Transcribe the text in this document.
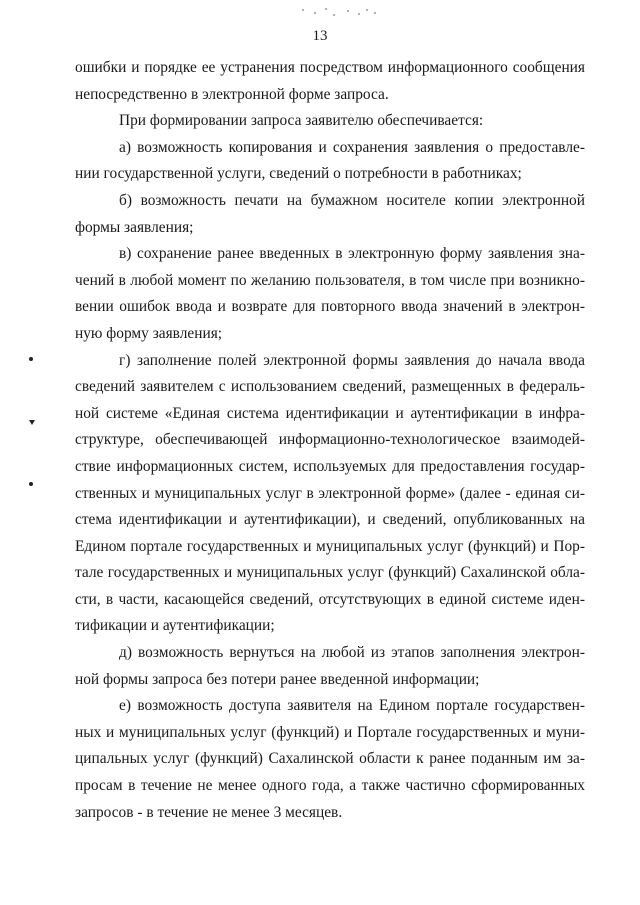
13
ошибки и порядке ее устранения посредством информационного сообщения
непосредственно в электронной форме запроса.
При формировании запроса заявителю обеспечивается:
а) возможность копирования и сохранения заявления о предоставле-
нии государственной услуги, сведений о потребности в работниках;
б) возможность печати на бумажном носителе копии электронной
формы заявления;
в) сохранение ранее введенных в электронную форму заявления зна-
чений в любой момент по желанию пользователя, в том числе при возникно-
вении ошибок ввода и возврате для повторного ввода значений в электрон-
ную форму заявления;
г) заполнение полей электронной формы заявления до начала ввода
сведений заявителем с использованием сведений, размещенных в федераль-
ной системе «Единая система идентификации и аутентификации в инфра-
структуре, обеспечивающей информационно-технологическое взаимодей-
ствие информационных систем, используемых для предоставления государ-
ственных и муниципальных услуг в электронной форме» (далее - единая си-
стема идентификации и аутентификации), и сведений, опубликованных на
Едином портале государственных и муниципальных услуг (функций) и Пор-
тале государственных и муниципальных услуг (функций) Сахалинской обла-
сти, в части, касающейся сведений, отсутствующих в единой системе иден-
тификации и аутентификации;
д) возможность вернуться на любой из этапов заполнения электрон-
ной формы запроса без потери ранее введенной информации;
е) возможность доступа заявителя на Едином портале государствен-
ных и муниципальных услуг (функций) и Портале государственных и муни-
ципальных услуг (функций) Сахалинской области к ранее поданным им за-
просам в течение не менее одного года, а также частично сформированных
запросов - в течение не менее 3 месяцев.
